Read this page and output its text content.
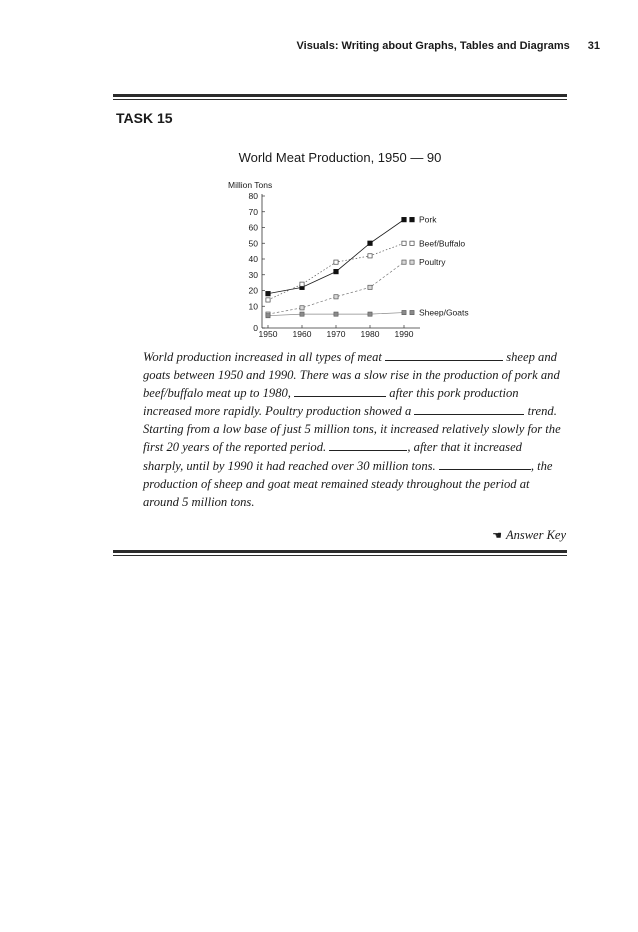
Visuals: Writing about Graphs, Tables and Diagrams 31
TASK 15
World Meat Production, 1950 — 90
Million Tons
0
10
20
30
40
50
60
70
80
1950 1960 1970 1980 1990
Pork
Beef/Buffalo
Poultry
Sheep/Goats

World production increased in all types of meat	sheep and goats between 1950 and 1990. There was a slow rise in the production of pork and beef/buffalo meat up to 1980,	after this pork production increased more rapidly. Poultry production showed a	trend. Starting from a low base of just 5 million tons, it increased relatively slowly for the first 20 years of the reported period.	, after that it increased sharply, until by 1990 it had reached over 30 million tons.	, the production of sheep and goat meat remained steady throughout the period at around 5 million tons.

☚ Answer Key
